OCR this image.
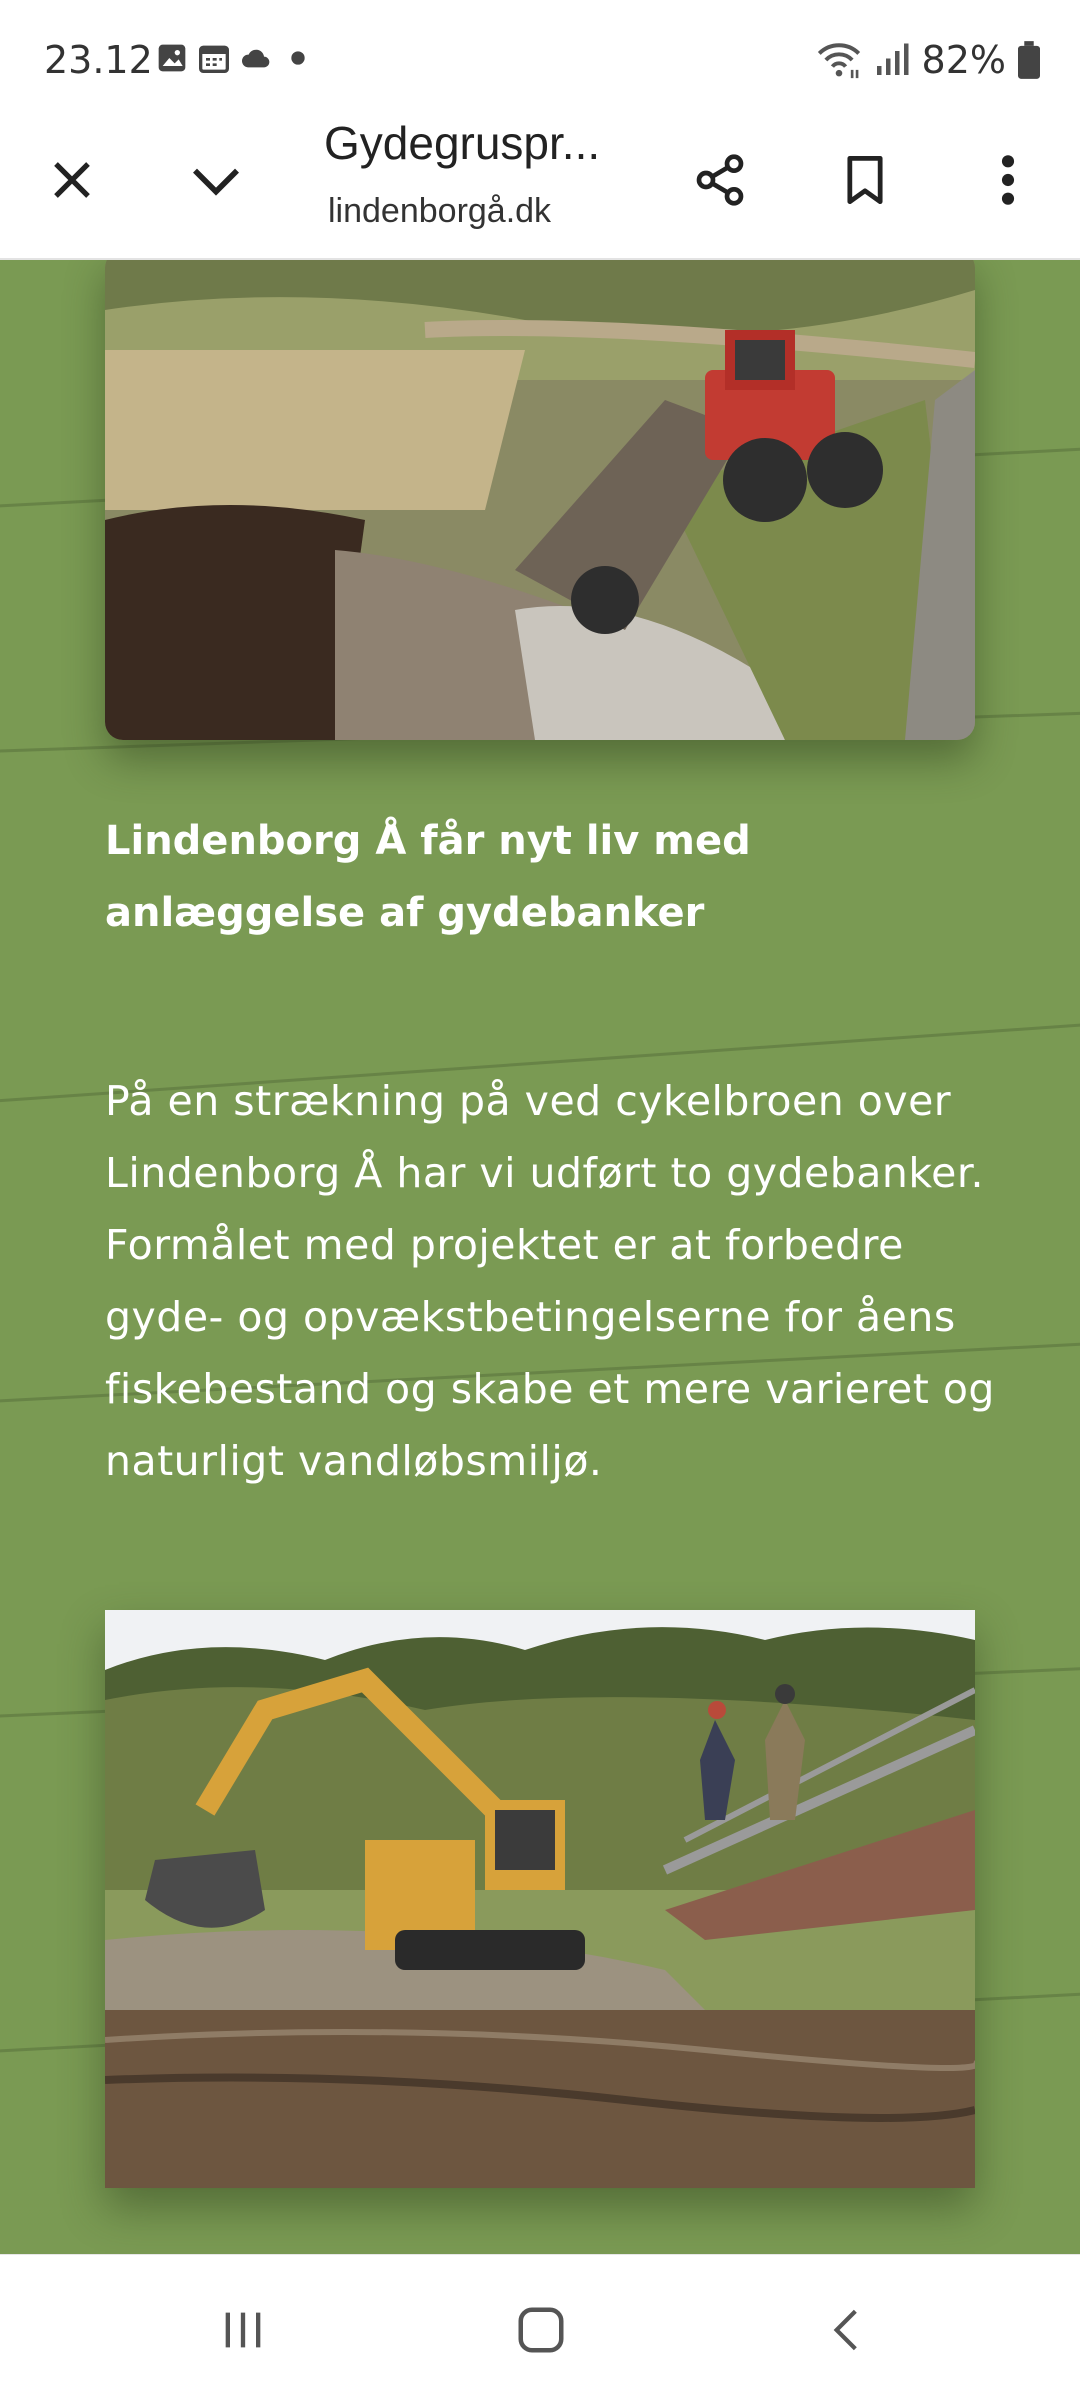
23.12	82%
Gydegruspr...
lindenborgå.dk
Lindenborg Å får nyt liv med anlæggelse af gydebanker
På en strækning på ved cykelbroen over Lindenborg Å har vi udført to gydebanker. Formålet med projektet er at forbedre gyde- og opvækstbetingelserne for åens fiskebestand og skabe et mere varieret og naturligt vandløbsmiljø.
